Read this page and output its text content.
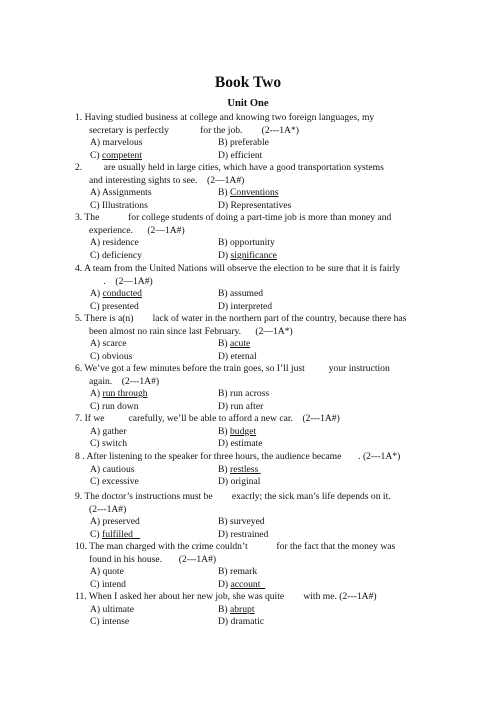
Book Two
Unit One
1. Having studied business at college and knowing two foreign languages, my
secretary is perfectly             for the job.        (2---1A*)
A) marvelous	B) preferable
C) competent	D) efficient
2.         are usually held in large cities, which have a good transportation systems
and interesting sights to see.    (2—1A#)
A) Assignments	B) Conventions
C) Illustrations	D) Representatives
3. The            for college students of doing a part-time job is more than money and
experience.      (2—1A#)
A) residence	B) opportunity
C) deficiency	D) significance
4. A team from the United Nations will observe the election to be sure that it is fairly
.    (2—1A#)
A) conducted	B) assumed
C) presented	D) interpreted
5. There is a(n)        lack of water in the northern part of the country, because there has
been almost no rain since last February.      (2—1A*)
A) scarce	B) acute
C) obvious	D) eternal
6. We’ve got a few minutes before the train goes, so I’ll just          your instruction
again.    (2---1A#)
A) run through	B) run across
C) run down	D) run after
7. If we          carefully, we’ll be able to afford a new car.    (2---1A#)
A) gather	B) budget
C) switch	D) estimate
8 . After listening to the speaker for three hours, the audience became       . (2---1A*)
A) cautious	B) restless
C) excessive	D) original
9. The doctor’s instructions must be        exactly; the sick man’s life depends on it.
(2---1A#)
A) preserved	B) surveyed
C) fulfilled	D) restrained
10. The man charged with the crime couldn’t            for the fact that the money was
found in his house.       (2---1A#)
A) quote	B) remark
C) intend	D) account
11. When I asked her about her new job, she was quite        with me. (2---1A#)
A) ultimate	B) abrupt
C) intense	D) dramatic
